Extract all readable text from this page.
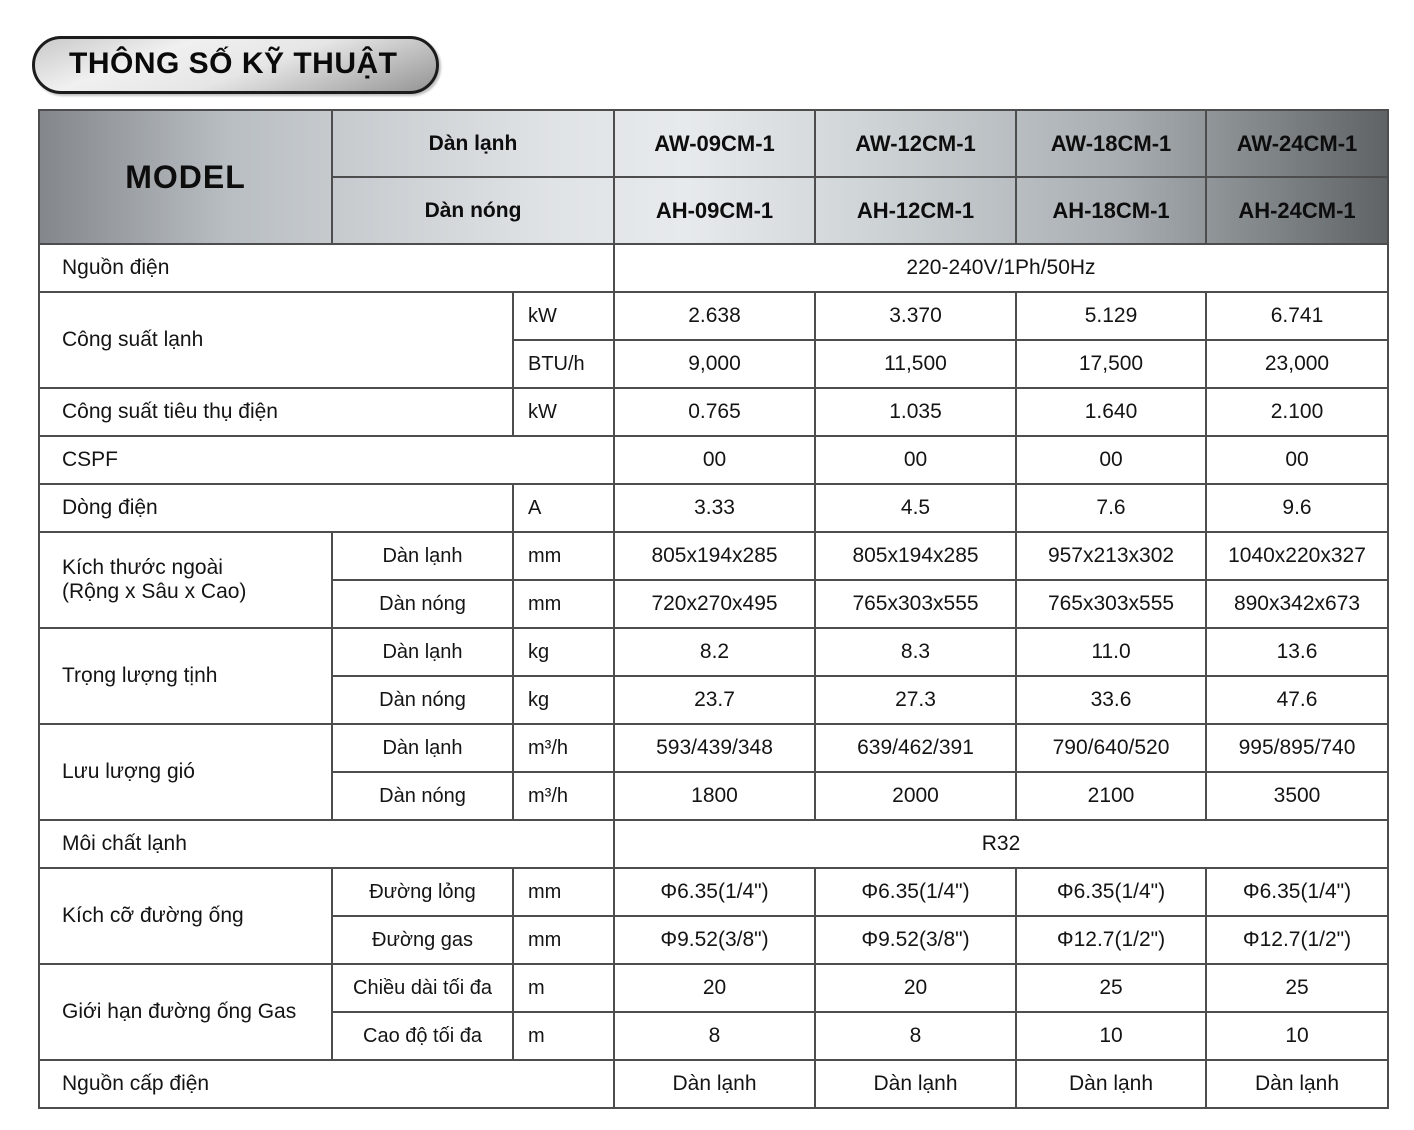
THÔNG SỐ KỸ THUẬT
MODEL	Dàn lạnh		AW-09CM-1	AW-12CM-1	AW-18CM-1	AW-24CM-1
	Dàn nóng		AH-09CM-1	AH-12CM-1	AH-18CM-1	AH-24CM-1
Nguồn điện			220-240V/1Ph/50Hz			
Công suất lạnh		kW	2.638	3.370	5.129	6.741
		BTU/h	9,000	11,500	17,500	23,000
Công suất tiêu thụ điện		kW	0.765	1.035	1.640	2.100
CSPF			00	00	00	00
Dòng điện		A	3.33	4.5	7.6	9.6

Kích thước ngoài
(Rộng x Sâu x Cao)	Dàn lạnh	mm	805x194x285	805x194x285	957x213x302	1040x220x327
	Dàn nóng	mm	720x270x495	765x303x555	765x303x555	890x342x673
Trọng lượng tịnh	Dàn lạnh	kg	8.2	8.3	11.0	13.6
	Dàn nóng	kg	23.7	27.3	33.6	47.6
Lưu lượng gió	Dàn lạnh	m³/h	593/439/348	639/462/391	790/640/520	995/895/740
	Dàn nóng	m³/h	1800	2000	2100	3500
Môi chất lạnh			R32			
Kích cỡ đường ống	Đường lỏng	mm	Φ6.35(1/4")	Φ6.35(1/4")	Φ6.35(1/4")	Φ6.35(1/4")
	Đường gas	mm	Φ9.52(3/8")	Φ9.52(3/8")	Φ12.7(1/2")	Φ12.7(1/2")
Giới hạn đường ống Gas	Chiều dài tối đa	m	20	20	25	25
	Cao độ tối đa	m	8	8	10	10
Nguồn cấp điện			Dàn lạnh	Dàn lạnh	Dàn lạnh	Dàn lạnh
